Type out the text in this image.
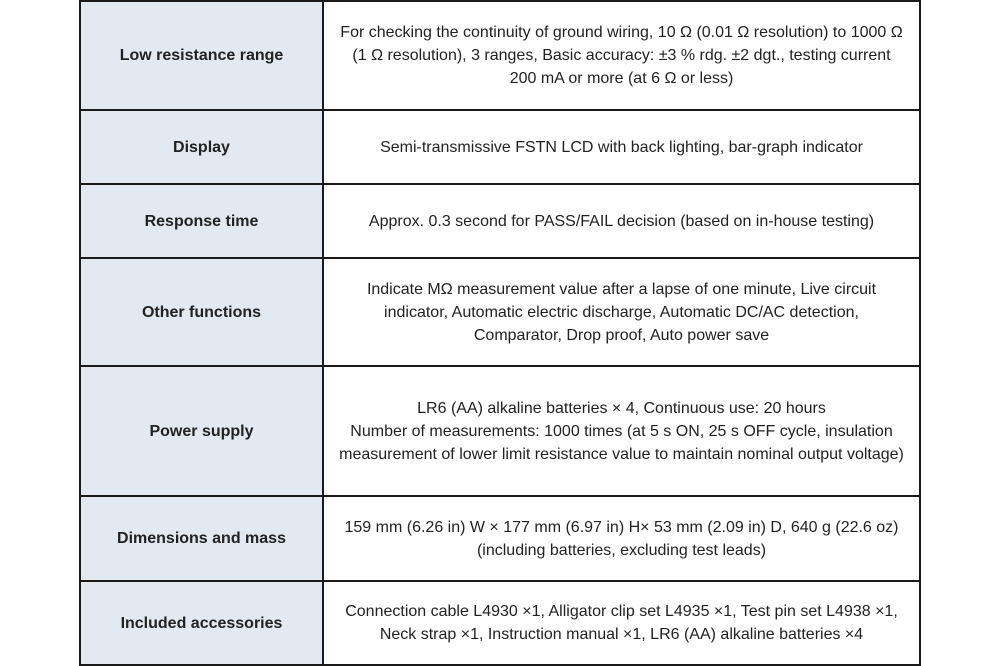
Low resistance range	For checking the continuity of ground wiring, 10 Ω (0.01 Ω resolution) to 1000 Ω (1 Ω resolution), 3 ranges, Basic accuracy: ±3 % rdg. ±2 dgt., testing current 200 mA or more (at 6 Ω or less)
Display	Semi-transmissive FSTN LCD with back lighting, bar-graph indicator
Response time	Approx. 0.3 second for PASS/FAIL decision (based on in-house testing)
Other functions	Indicate MΩ measurement value after a lapse of one minute, Live circuit indicator, Automatic electric discharge, Automatic DC/AC detection, Comparator, Drop proof, Auto power save
Power supply	LR6 (AA) alkaline batteries × 4, Continuous use: 20 hours
Number of measurements: 1000 times (at 5 s ON, 25 s OFF cycle, insulation measurement of lower limit resistance value to maintain nominal output voltage)

Dimensions and mass	159 mm (6.26 in) W × 177 mm (6.97 in) H× 53 mm (2.09 in) D, 640 g (22.6 oz) (including batteries, excluding test leads)
Included accessories	Connection cable L4930 ×1, Alligator clip set L4935 ×1, Test pin set L4938 ×1, Neck strap ×1, Instruction manual ×1, LR6 (AA) alkaline batteries ×4
